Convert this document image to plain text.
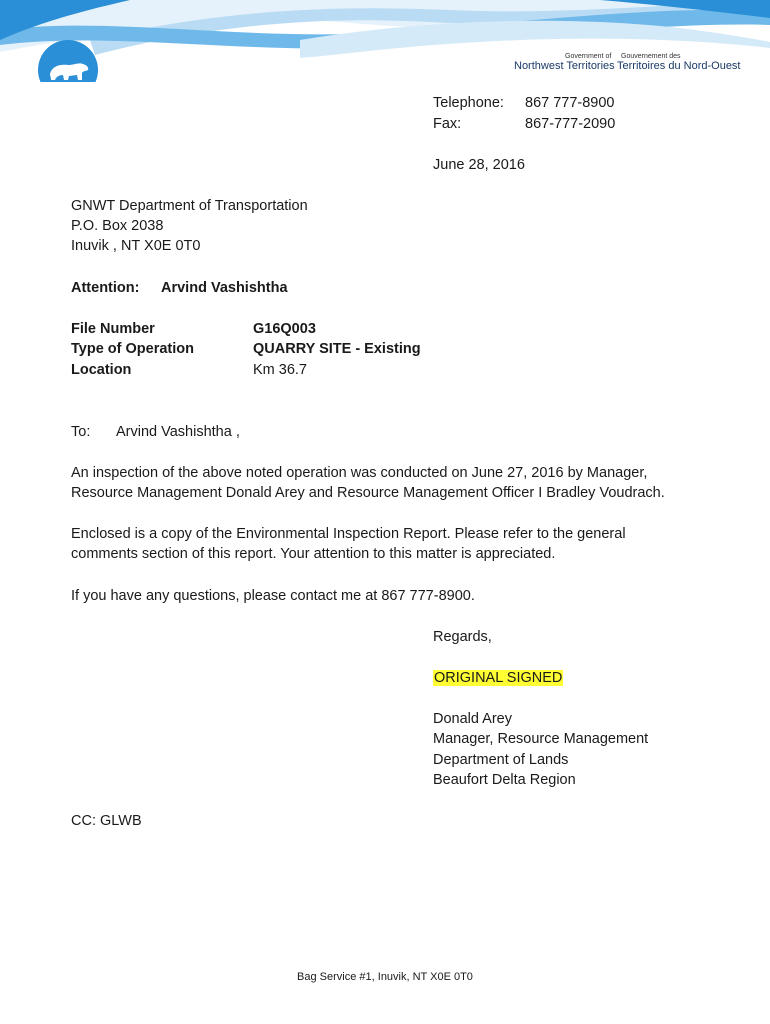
Government of Gouvernement des
Northwest Territories Territoires du Nord-Ouest
Telephone: 867 777-8900
Fax:	867-777-2090
June 28, 2016
GNWT Department of Transportation
P.O. Box 2038
Inuvik , NT X0E 0T0
Attention: Arvind Vashishtha
File Number	G16Q003
Type of Operation	QUARRY SITE - Existing
Location	Km 36.7
To: Arvind Vashishtha ,
An inspection of the above noted operation was conducted on June 27, 2016 by Manager,
Resource Management Donald Arey and Resource Management Officer I Bradley Voudrach.
Enclosed is a copy of the Environmental Inspection Report. Please refer to the general
comments section of this report. Your attention to this matter is appreciated.
If you have any questions, please contact me at 867 777-8900.
Regards,
ORIGINAL SIGNED
Donald Arey
Manager, Resource Management
Department of Lands
Beaufort Delta Region
CC: GLWB
Bag Service #1, Inuvik, NT X0E 0T0
